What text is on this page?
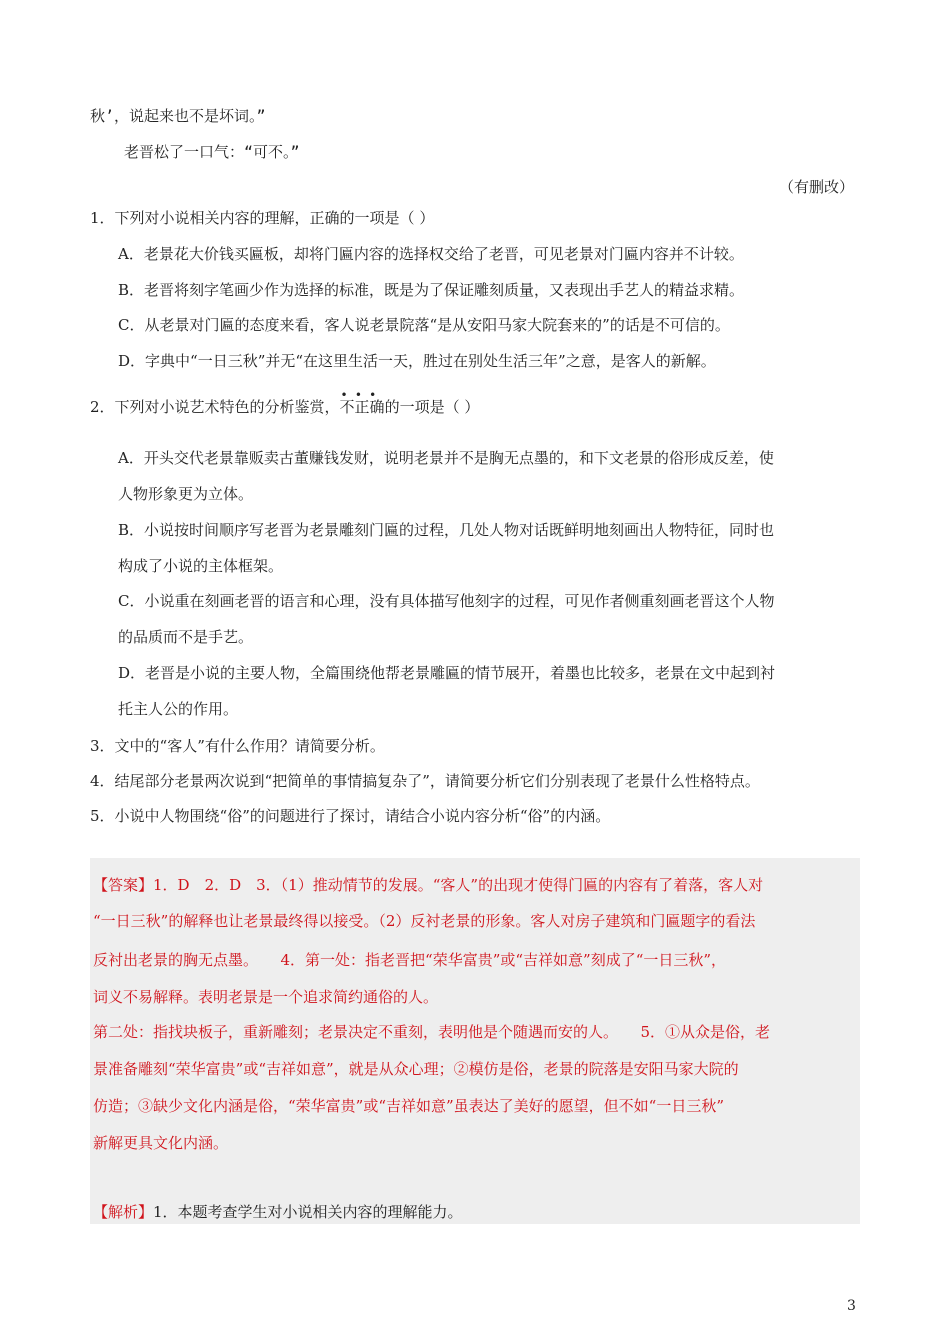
秋’，说起来也不是坏词。”
老晋松了一口气：“可不。”
（有删改）
1．下列对小说相关内容的理解，正确的一项是（ ）
A．老景花大价钱买匾板，却将门匾内容的选择权交给了老晋，可见老景对门匾内容并不计较。
B．老晋将刻字笔画少作为选择的标准，既是为了保证雕刻质量，又表现出手艺人的精益求精。
C．从老景对门匾的态度来看，客人说老景院落“是从安阳马家大院套来的”的话是不可信的。
D．字典中“一日三秋”并无“在这里生活一天，胜过在别处生活三年”之意，是客人的新解。
2．下列对小说艺术特色的分析鉴赏，
•   •   •
不正确的一项是（ ）
A．开头交代老景靠贩卖古董赚钱发财，说明老景并不是胸无点墨的，和下文老景的俗形成反差，使
人物形象更为立体。
B．小说按时间顺序写老晋为老景雕刻门匾的过程，几处人物对话既鲜明地刻画出人物特征，同时也
构成了小说的主体框架。
C．小说重在刻画老晋的语言和心理，没有具体描写他刻字的过程，可见作者侧重刻画老晋这个人物
的品质而不是手艺。
D．老晋是小说的主要人物，全篇围绕他帮老景雕匾的情节展开，着墨也比较多，老景在文中起到衬
托主人公的作用。
3．文中的“客人”有什么作用？请简要分析。
4．结尾部分老景两次说到“把简单的事情搞复杂了”，请简要分析它们分别表现了老景什么性格特点。
5．小说中人物围绕“俗”的问题进行了探讨，请结合小说内容分析“俗”的内涵。
【答案】1．D　2．D　3．（1）推动情节的发展。“客人”的出现才使得门匾的内容有了着落，客人对
“一日三秋”的解释也让老景最终得以接受。（2）反衬老景的形象。客人对房子建筑和门匾题字的看法
反衬出老景的胸无点墨。　　4．第一处：指老晋把“荣华富贵”或“吉祥如意”刻成了“一日三秋”，
词义不易解释。表明老景是一个追求简约通俗的人。
第二处：指找块板子，重新雕刻；老景决定不重刻，表明他是个随遇而安的人。　　5．①从众是俗，老
景准备雕刻“荣华富贵”或“吉祥如意”，就是从众心理；②模仿是俗，老景的院落是安阳马家大院的
仿造；③缺少文化内涵是俗，“荣华富贵”或“吉祥如意”虽表达了美好的愿望，但不如“一日三秋”
新解更具文化内涵。
【解析】1．本题考查学生对小说相关内容的理解能力。
3
